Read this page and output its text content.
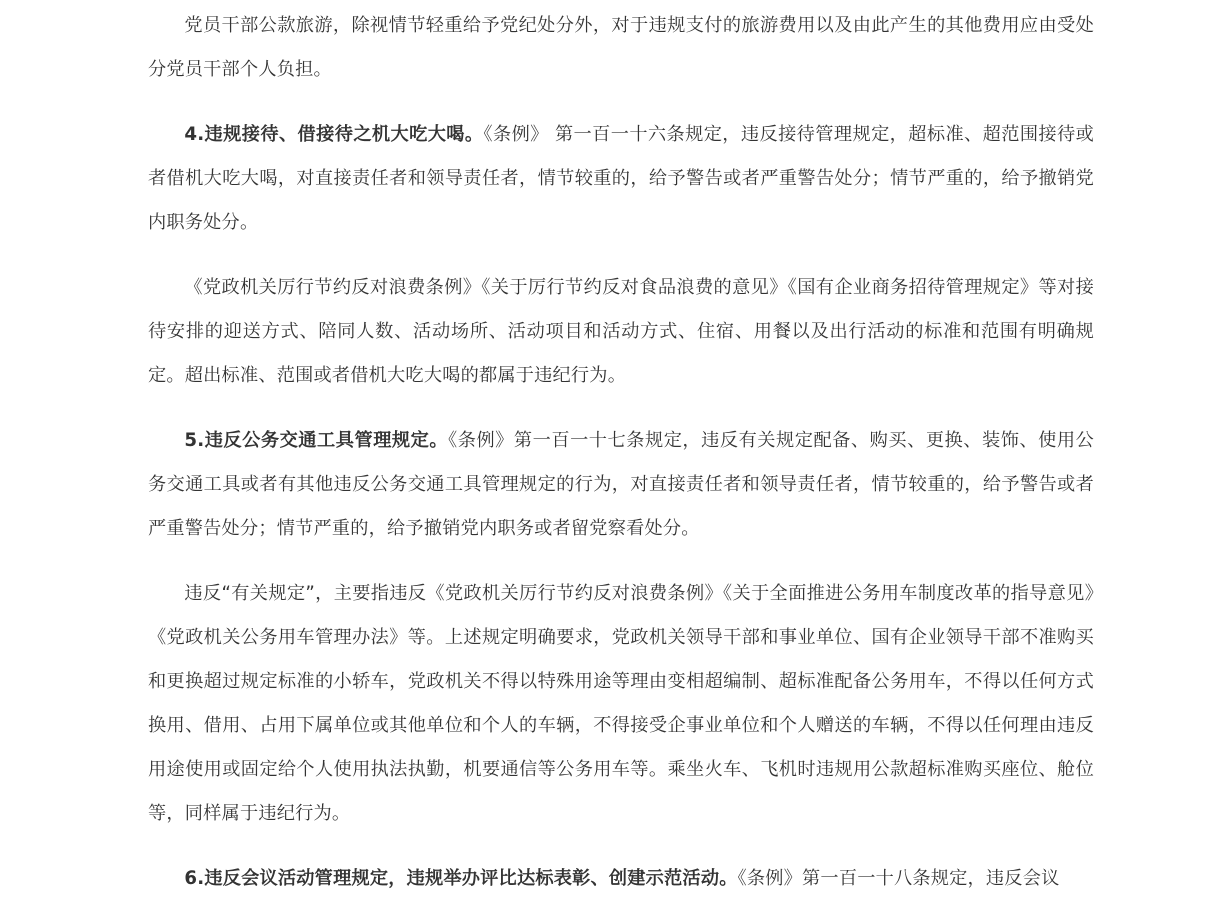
党员干部公款旅游，除视情节轻重给予党纪处分外，对于违规支付的旅游费用以及由此产生的其他费用应由受处分党员干部个人负担。

4.违规接待、借接待之机大吃大喝。《条例》 第一百一十六条规定，违反接待管理规定，超标准、超范围接待或者借机大吃大喝，对直接责任者和领导责任者，情节较重的，给予警告或者严重警告处分；情节严重的，给予撤销党内职务处分。

《党政机关厉行节约反对浪费条例》《关于厉行节约反对食品浪费的意见》《国有企业商务招待管理规定》等对接待安排的迎送方式、陪同人数、活动场所、活动项目和活动方式、住宿、用餐以及出行活动的标准和范围有明确规定。超出标准、范围或者借机大吃大喝的都属于违纪行为。

5.违反公务交通工具管理规定。《条例》第一百一十七条规定，违反有关规定配备、购买、更换、装饰、使用公务交通工具或者有其他违反公务交通工具管理规定的行为，对直接责任者和领导责任者，情节较重的，给予警告或者严重警告处分；情节严重的，给予撤销党内职务或者留党察看处分。

违反“有关规定”，主要指违反《党政机关厉行节约反对浪费条例》《关于全面推进公务用车制度改革的指导意见》《党政机关公务用车管理办法》等。上述规定明确要求，党政机关领导干部和事业单位、国有企业领导干部不准购买和更换超过规定标准的小轿车，党政机关不得以特殊用途等理由变相超编制、超标准配备公务用车，不得以任何方式换用、借用、占用下属单位或其他单位和个人的车辆，不得接受企事业单位和个人赠送的车辆，不得以任何理由违反用途使用或固定给个人使用执法执勤，机要通信等公务用车等。乘坐火车、飞机时违规用公款超标准购买座位、舱位等，同样属于违纪行为。

6.违反会议活动管理规定，违规举办评比达标表彰、创建示范活动。《条例》第一百一十八条规定，违反会议
